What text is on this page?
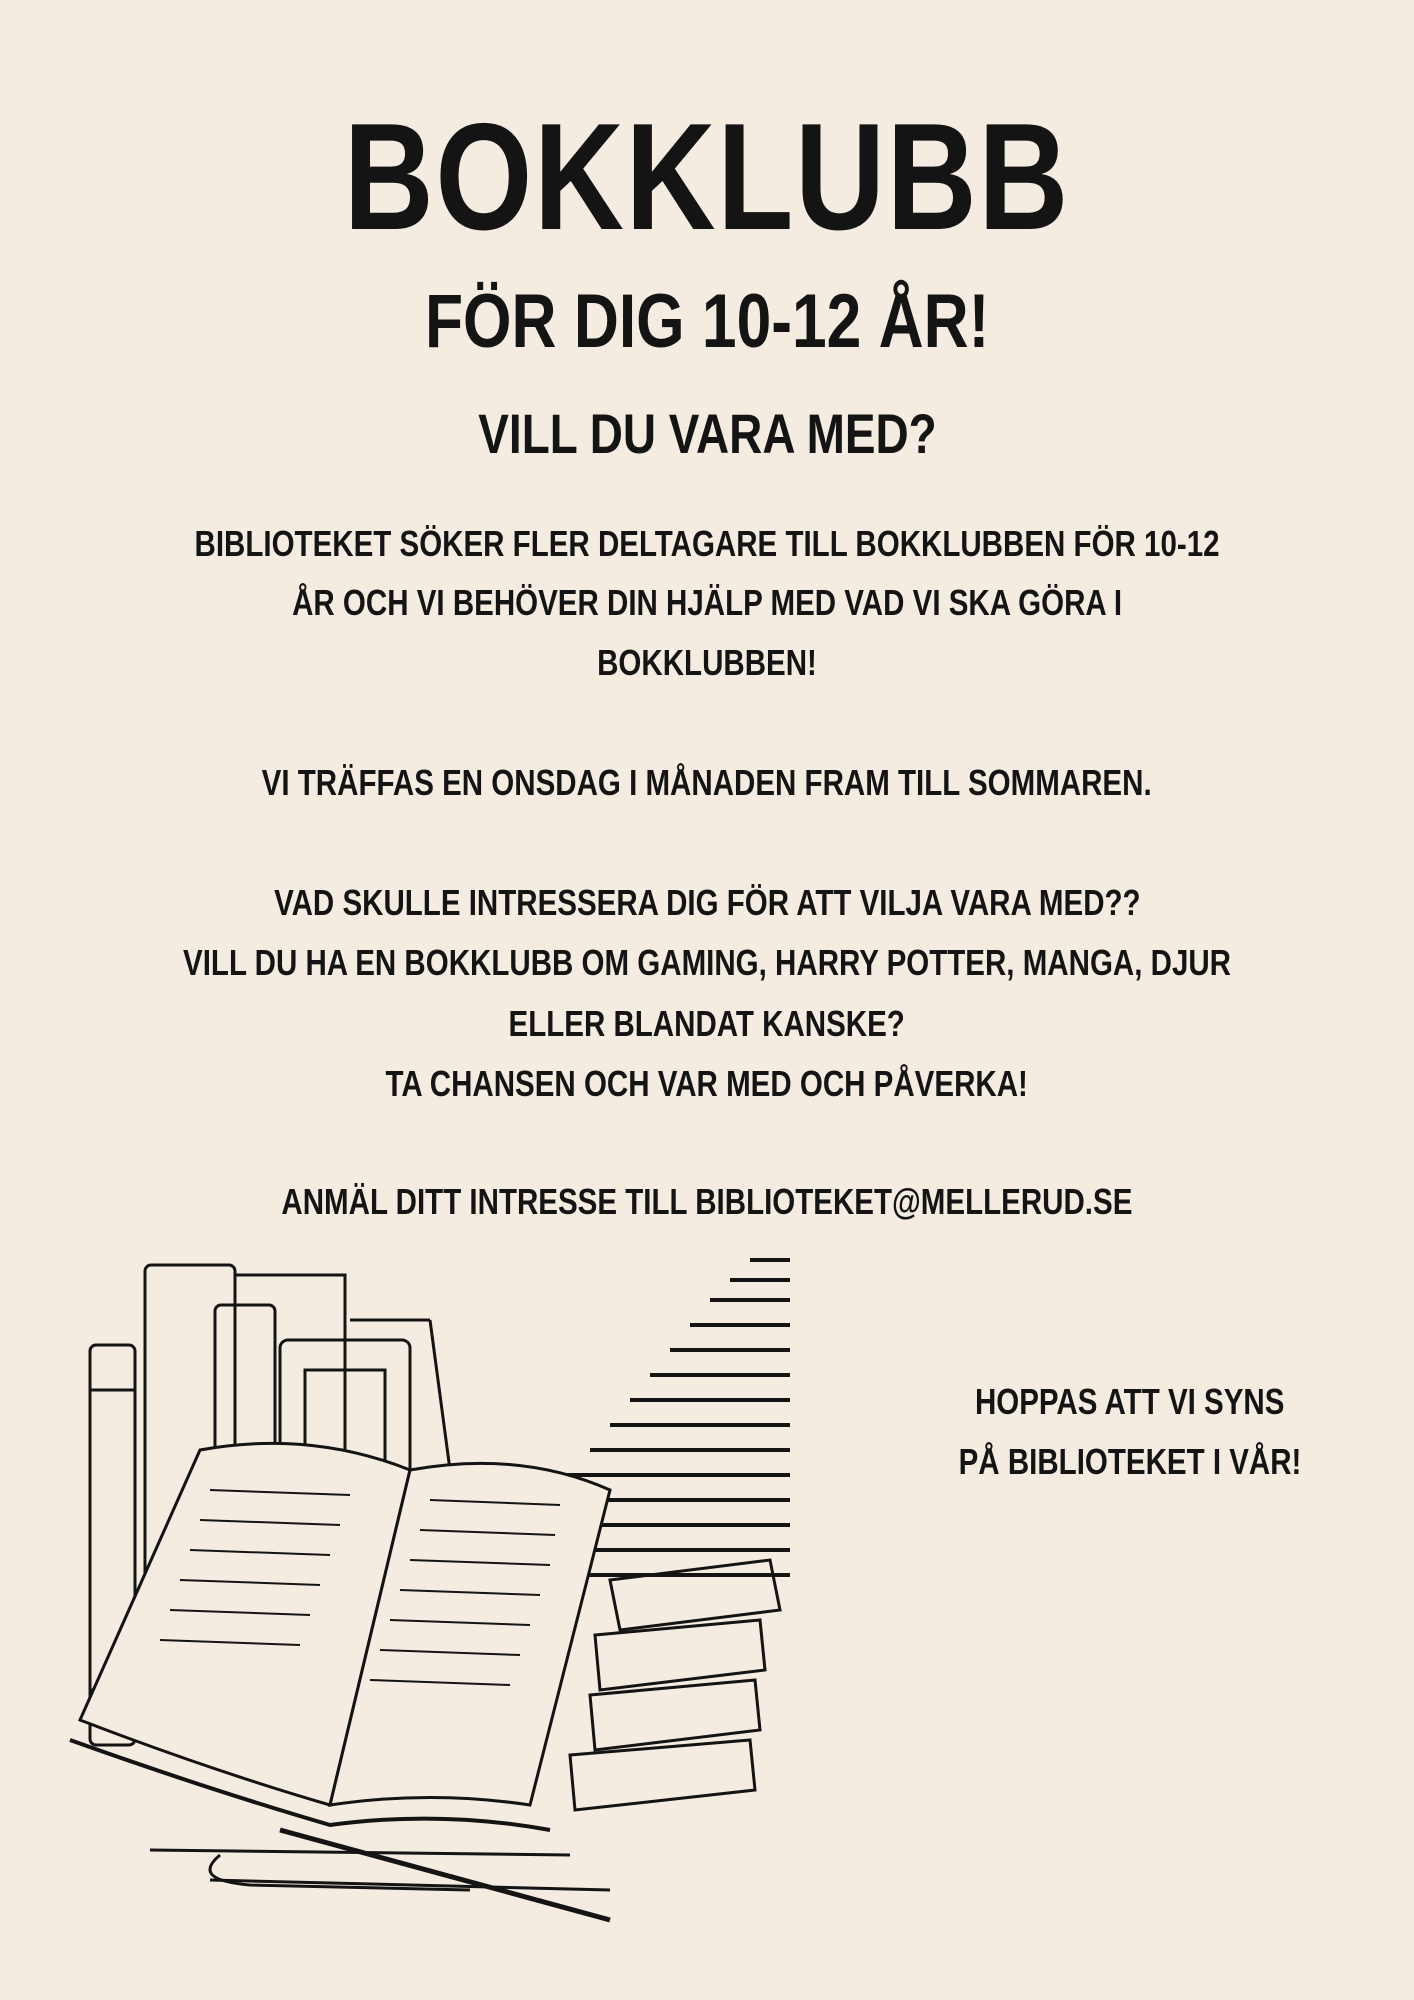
BOKKLUBB
FÖR DIG 10-12 ÅR!
VILL DU VARA MED?
BIBLIOTEKET SÖKER FLER DELTAGARE TILL BOKKLUBBEN FÖR 10-12
ÅR OCH VI BEHÖVER DIN HJÄLP MED VAD VI SKA GÖRA I
BOKKLUBBEN!
VI TRÄFFAS EN ONSDAG I MÅNADEN FRAM TILL SOMMAREN.
VAD SKULLE INTRESSERA DIG FÖR ATT VILJA VARA MED??
VILL DU HA EN BOKKLUBB OM GAMING, HARRY POTTER, MANGA, DJUR
ELLER BLANDAT KANSKE?
TA CHANSEN OCH VAR MED OCH PÅVERKA!
ANMÄL DITT INTRESSE TILL BIBLIOTEKET@MELLERUD.SE
HOPPAS ATT VI SYNS
PÅ BIBLIOTEKET I VÅR!
